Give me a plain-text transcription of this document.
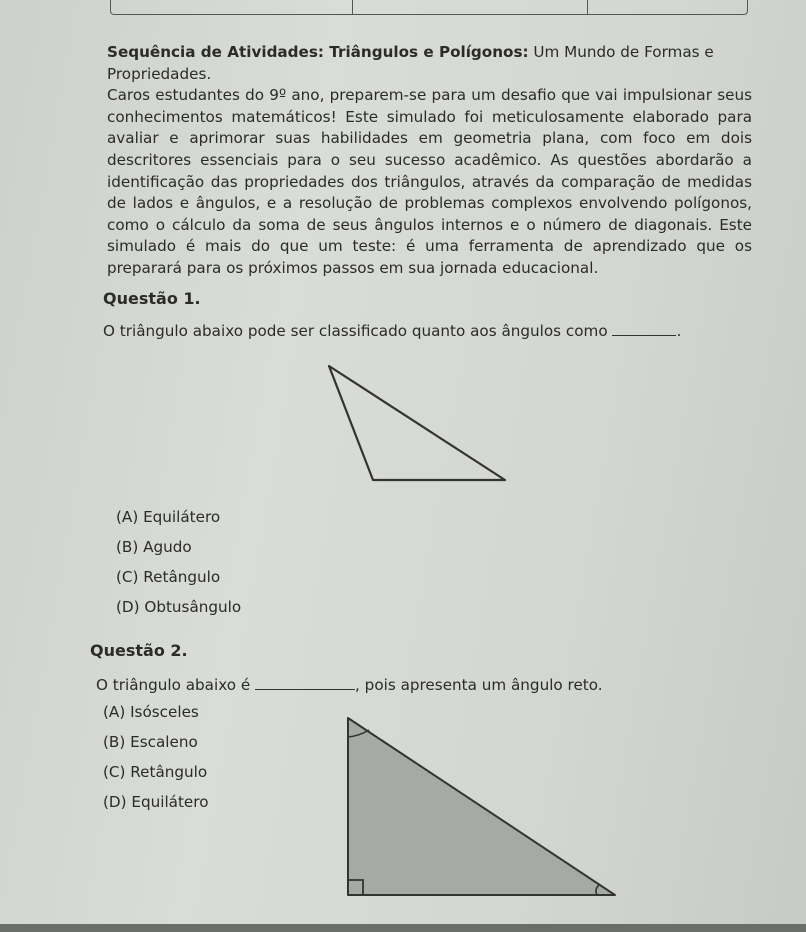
Sequência de Atividades: Triângulos e Polígonos: Um Mundo de Formas e Propriedades.

Caros estudantes do 9º ano, preparem-se para um desafio que vai impulsionar seus conhecimentos matemáticos! Este simulado foi meticulosamente elaborado para avaliar e aprimorar suas habilidades em geometria plana, com foco em dois descritores essenciais para o seu sucesso acadêmico. As questões abordarão a identificação das propriedades dos triângulos, através da comparação de medidas de lados e ângulos, e a resolução de problemas complexos envolvendo polígonos, como o cálculo da soma de seus ângulos internos e o número de diagonais. Este simulado é mais do que um teste: é uma ferramenta de aprendizado que os preparará para os próximos passos em sua jornada educacional.

Questão 1.
O triângulo abaixo pode ser classificado quanto aos ângulos como	.
(A) Equilátero
(B) Agudo
(C) Retângulo
(D) Obtusângulo
Questão 2.
O triângulo abaixo é	, pois apresenta um ângulo reto.
(A) Isósceles
(B) Escaleno
(C) Retângulo
(D) Equilátero
